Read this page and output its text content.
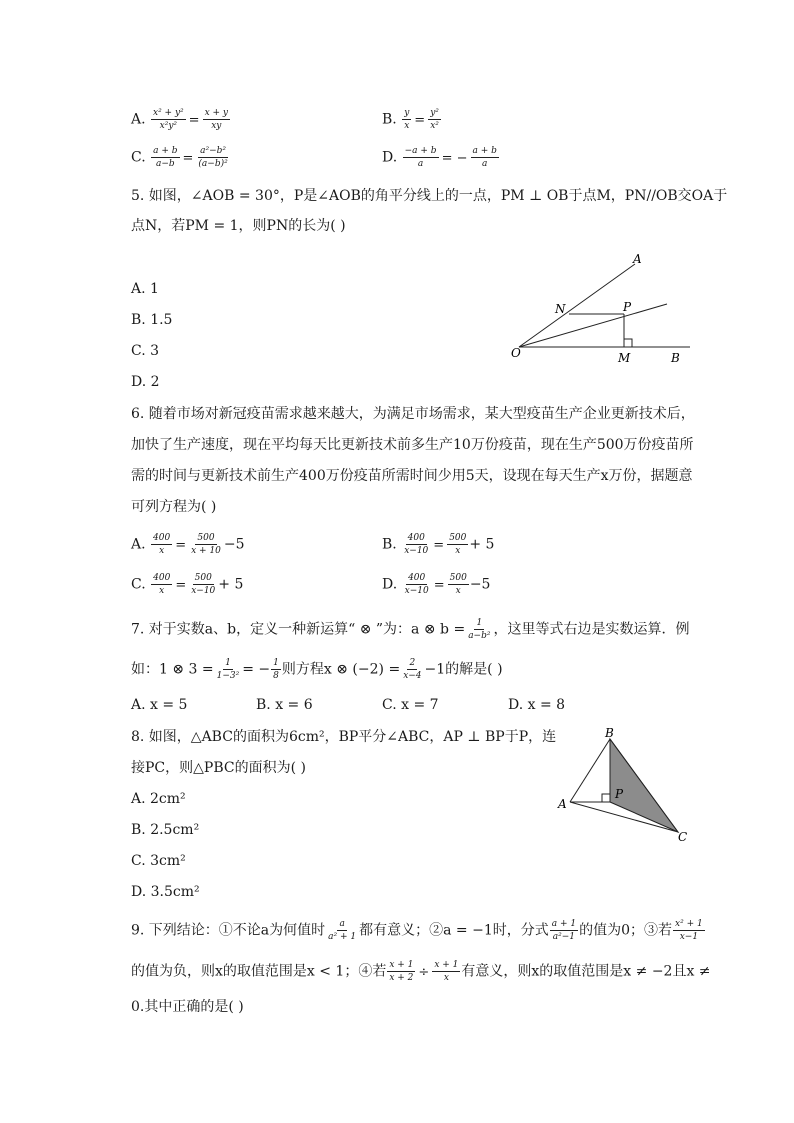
A. $\frac{\text{x² + y²}}{\text{x²y²}} = \frac{x + y}{xy}$	B. $\frac{y}{x} = \frac{\text{y²}}{\text{x²}}$
C. $\frac{a + b}{a-b} = \frac{\text{a²−b²}}{\text{(a−b)²}}$	D. $\frac{-a + b}{a}$ = − $\frac{a + b}{a}$
5. 如图，∠AOB = 30°，P是∠AOB的角平分线上的一点，PM ⊥ OB于点M，PN//OB交OA于
点N，若PM = 1，则PN的长为( )
A. 1
B. 1.5
C. 3
D. 2
A
N	P
O	M	B
6. 随着市场对新冠疫苗需求越来越大，为满足市场需求，某大型疫苗生产企业更新技术后，
加快了生产速度，现在平均每天比更新技术前多生产10万份疫苗，现在生产500万份疫苗所
需的时间与更新技术前生产400万份疫苗所需时间少用5天，设现在每天生产x万份，据题意
可列方程为( )
A. $\frac{400}{x} = \frac{500}{x + 10} -5$	B. $\frac{400}{x-10} = \frac{500}{x} + 5$
C. $\frac{400}{x} = \frac{500}{x-10} + 5$	D. $\frac{400}{x-10} = \frac{500}{x} -5$
7. 对于实数a、b，定义一种新运算“ ⊗ ”为：a ⊗ $b = \frac{1}{\text{a−b²}}$ ，这里等式右边是实数运算．例
如：1 ⊗ $3 = \frac{1}{\text{1−3²}}$ = − $\frac{1}{8}$ 则方程x ⊗ $(-2) = \frac{2}{x-4} -1$的解是( )
A. x = 5	B. x = 6	C. x = 7	D. x = 8
8. 如图，△ABC的面积为6cm²，BP平分∠ABC，AP ⊥ BP于P，连
接PC，则△PBC的面积为( )
A. 2cm²
B. 2.5cm²
C. 3cm²
D. 3.5cm²
B
A
P
C
9. 下列结论：①不论a为何值时 $\frac{a}{\text{a² + 1}}$ 都有意义；②a = −1时，分式 $\frac{a + 1}{\text{a²−1}}$ 的值为0；③若 $\frac{\text{x² + 1}}{x-1}$
的值为负，则x的取值范围是x < 1；④若 $\frac{x + 1}{x + 2} \div \frac{x + 1}{x}$ 有意义，则x的取值范围是x ≠ −2且x ≠
0.其中正确的是( )
